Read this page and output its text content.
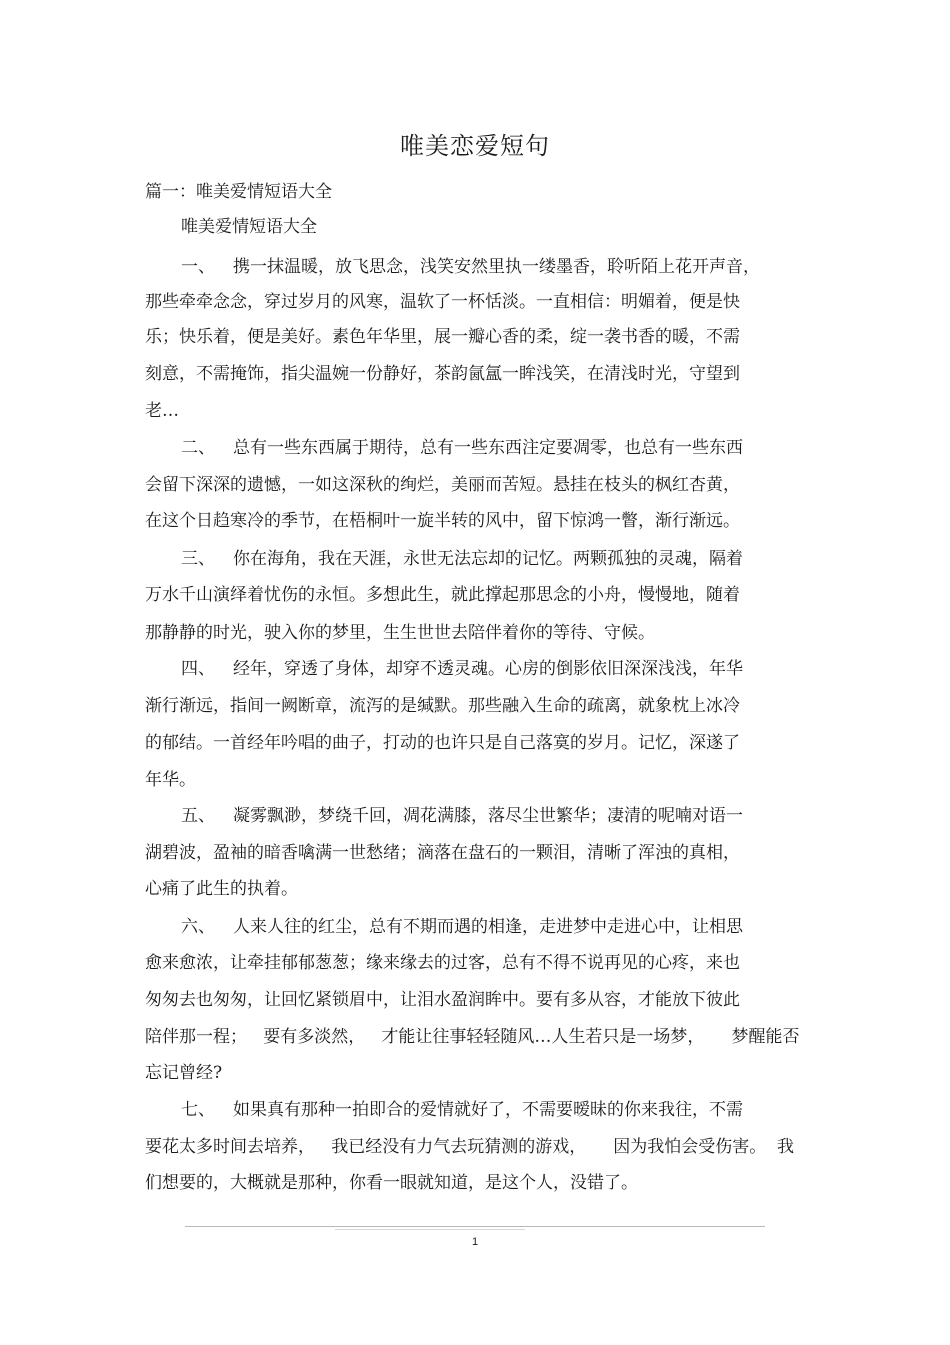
唯美恋爱短句

篇一：唯美爱情短语大全

唯美爱情短语大全

一、 携一抹温暖，放飞思念，浅笑安然里执一缕墨香，聆听陌上花开声音，

那些牵牵念念，穿过岁月的风寒，温软了一杯恬淡。一直相信：明媚着，便是快

乐；快乐着，便是美好。素色年华里，展一瓣心香的柔，绽一袭书香的暖，不需

刻意，不需掩饰，指尖温婉一份静好，茶韵氤氲一眸浅笑，在清浅时光，守望到

老…

二、 总有一些东西属于期待，总有一些东西注定要凋零，也总有一些东西

会留下深深的遗憾，一如这深秋的绚烂，美丽而苦短。悬挂在枝头的枫红杏黄，

在这个日趋寒冷的季节，在梧桐叶一旋半转的风中，留下惊鸿一瞥，渐行渐远。

三、 你在海角，我在天涯，永世无法忘却的记忆。两颗孤独的灵魂，隔着

万水千山演绎着忧伤的永恒。多想此生，就此撑起那思念的小舟，慢慢地，随着

那静静的时光，驶入你的梦里，生生世世去陪伴着你的等待、守候。

四、 经年，穿透了身体，却穿不透灵魂。心房的倒影依旧深深浅浅，年华

渐行渐远，指间一阙断章，流泻的是缄默。那些融入生命的疏离，就象枕上冰冷

的郁结。一首经年吟唱的曲子，打动的也许只是自己落寞的岁月。记忆，深遂了

年华。

五、 凝雾飘渺，梦绕千回，凋花满膝，落尽尘世繁华；凄清的呢喃对语一

湖碧波，盈袖的暗香噙满一世愁绪；滴落在盘石的一颗泪，清晰了浑浊的真相，

心痛了此生的执着。

六、 人来人往的红尘，总有不期而遇的相逢，走进梦中走进心中，让相思

愈来愈浓，让牵挂郁郁葱葱；缘来缘去的过客，总有不得不说再见的心疼，来也

匆匆去也匆匆，让回忆紧锁眉中，让泪水盈润眸中。要有多从容，才能放下彼此

陪伴那一程；   要有多淡然，   才能让往事轻轻随风…人生若只是一场梦，     梦醒能否

忘记曾经?

七、 如果真有那种一拍即合的爱情就好了，不需要暧昧的你来我往，不需

要花太多时间去培养，   我已经没有力气去玩猜测的游戏，     因为我怕会受伤害。  我

们想要的，大概就是那种，你看一眼就知道，是这个人，没错了。

1
